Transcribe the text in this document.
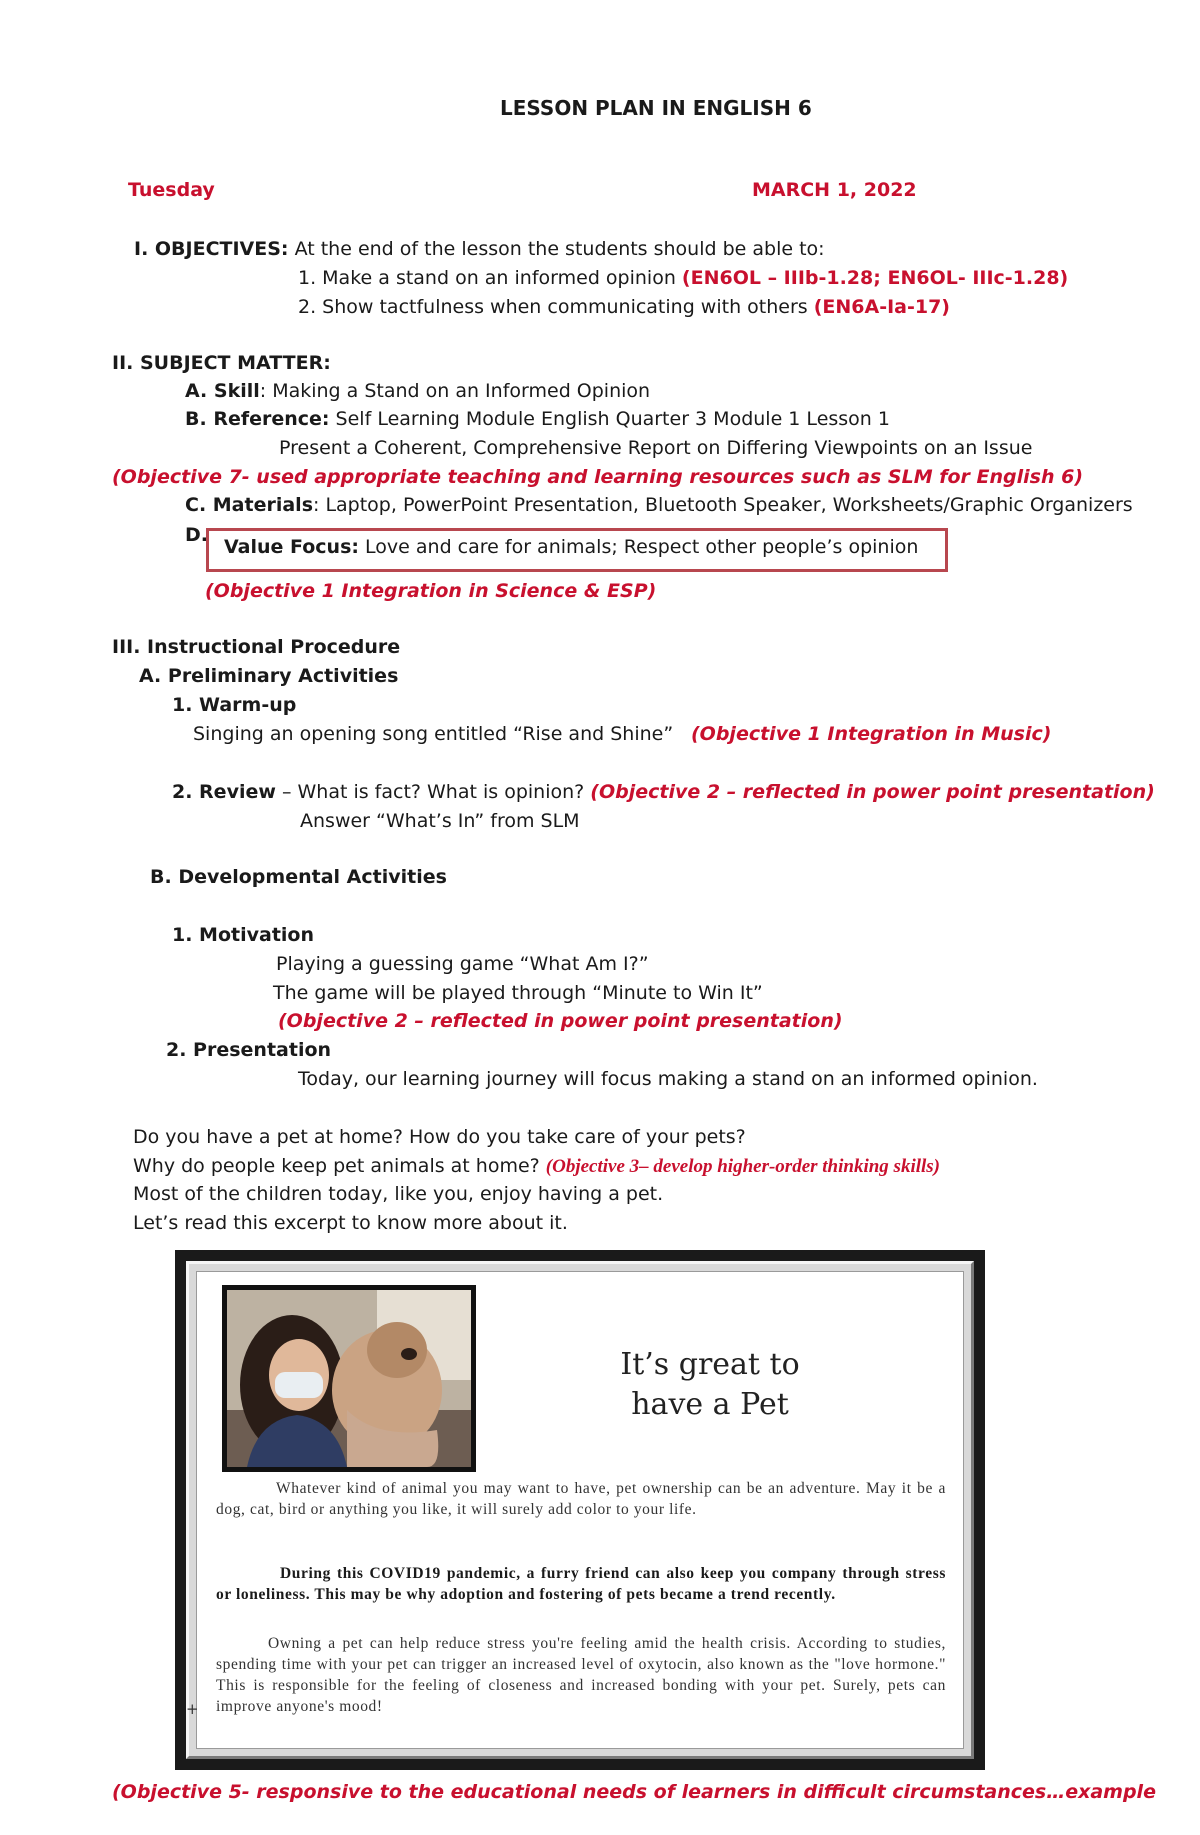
LESSON PLAN IN ENGLISH 6
Tuesday	MARCH 1, 2022
I. OBJECTIVES: At the end of the lesson the students should be able to:
1. Make a stand on an informed opinion (EN6OL – IIIb-1.28; EN6OL- IIIc-1.28)
2. Show tactfulness when communicating with others (EN6A-Ia-17)
II. SUBJECT MATTER:
A. Skill: Making a Stand on an Informed Opinion
B. Reference: Self Learning Module English Quarter 3 Module 1 Lesson 1
Present a Coherent, Comprehensive Report on Differing Viewpoints on an Issue
(Objective 7- used appropriate teaching and learning resources such as SLM for English 6)
C. Materials: Laptop, PowerPoint Presentation, Bluetooth Speaker, Worksheets/Graphic Organizers
D.
Value Focus: Love and care for animals; Respect other people’s opinion
(Objective 1 Integration in Science & ESP)
III. Instructional Procedure
A. Preliminary Activities
1. Warm-up
Singing an opening song entitled “Rise and Shine” (Objective 1 Integration in Music)
2. Review – What is fact? What is opinion? (Objective 2 – reflected in power point presentation)
Answer “What’s In” from SLM
B. Developmental Activities
1. Motivation
Playing a guessing game “What Am I?”
The game will be played through “Minute to Win It”
(Objective 2 – reflected in power point presentation)
2. Presentation
Today, our learning journey will focus making a stand on an informed opinion.
Do you have a pet at home? How do you take care of your pets?
Why do people keep pet animals at home? (Objective 3– develop higher-order thinking skills)
Most of the children today, like you, enjoy having a pet.
Let’s read this excerpt to know more about it.
It’s great to
have a Pet
Whatever kind of animal you may want to have, pet ownership can be an adventure. May it be a dog, cat, bird or anything you like, it will surely add color to your life.
During this COVID19 pandemic, a furry friend can also keep you company through stress or loneliness. This may be why adoption and fostering of pets became a trend recently.
Owning a pet can help reduce stress you're feeling amid the health crisis. According to studies, spending time with your pet can trigger an increased level of oxytocin, also known as the "love hormone." This is responsible for the feeling of closeness and increased bonding with your pet. Surely, pets can improve anyone's mood!
+
(Objective 5- responsive to the educational needs of learners in difficult circumstances…example
